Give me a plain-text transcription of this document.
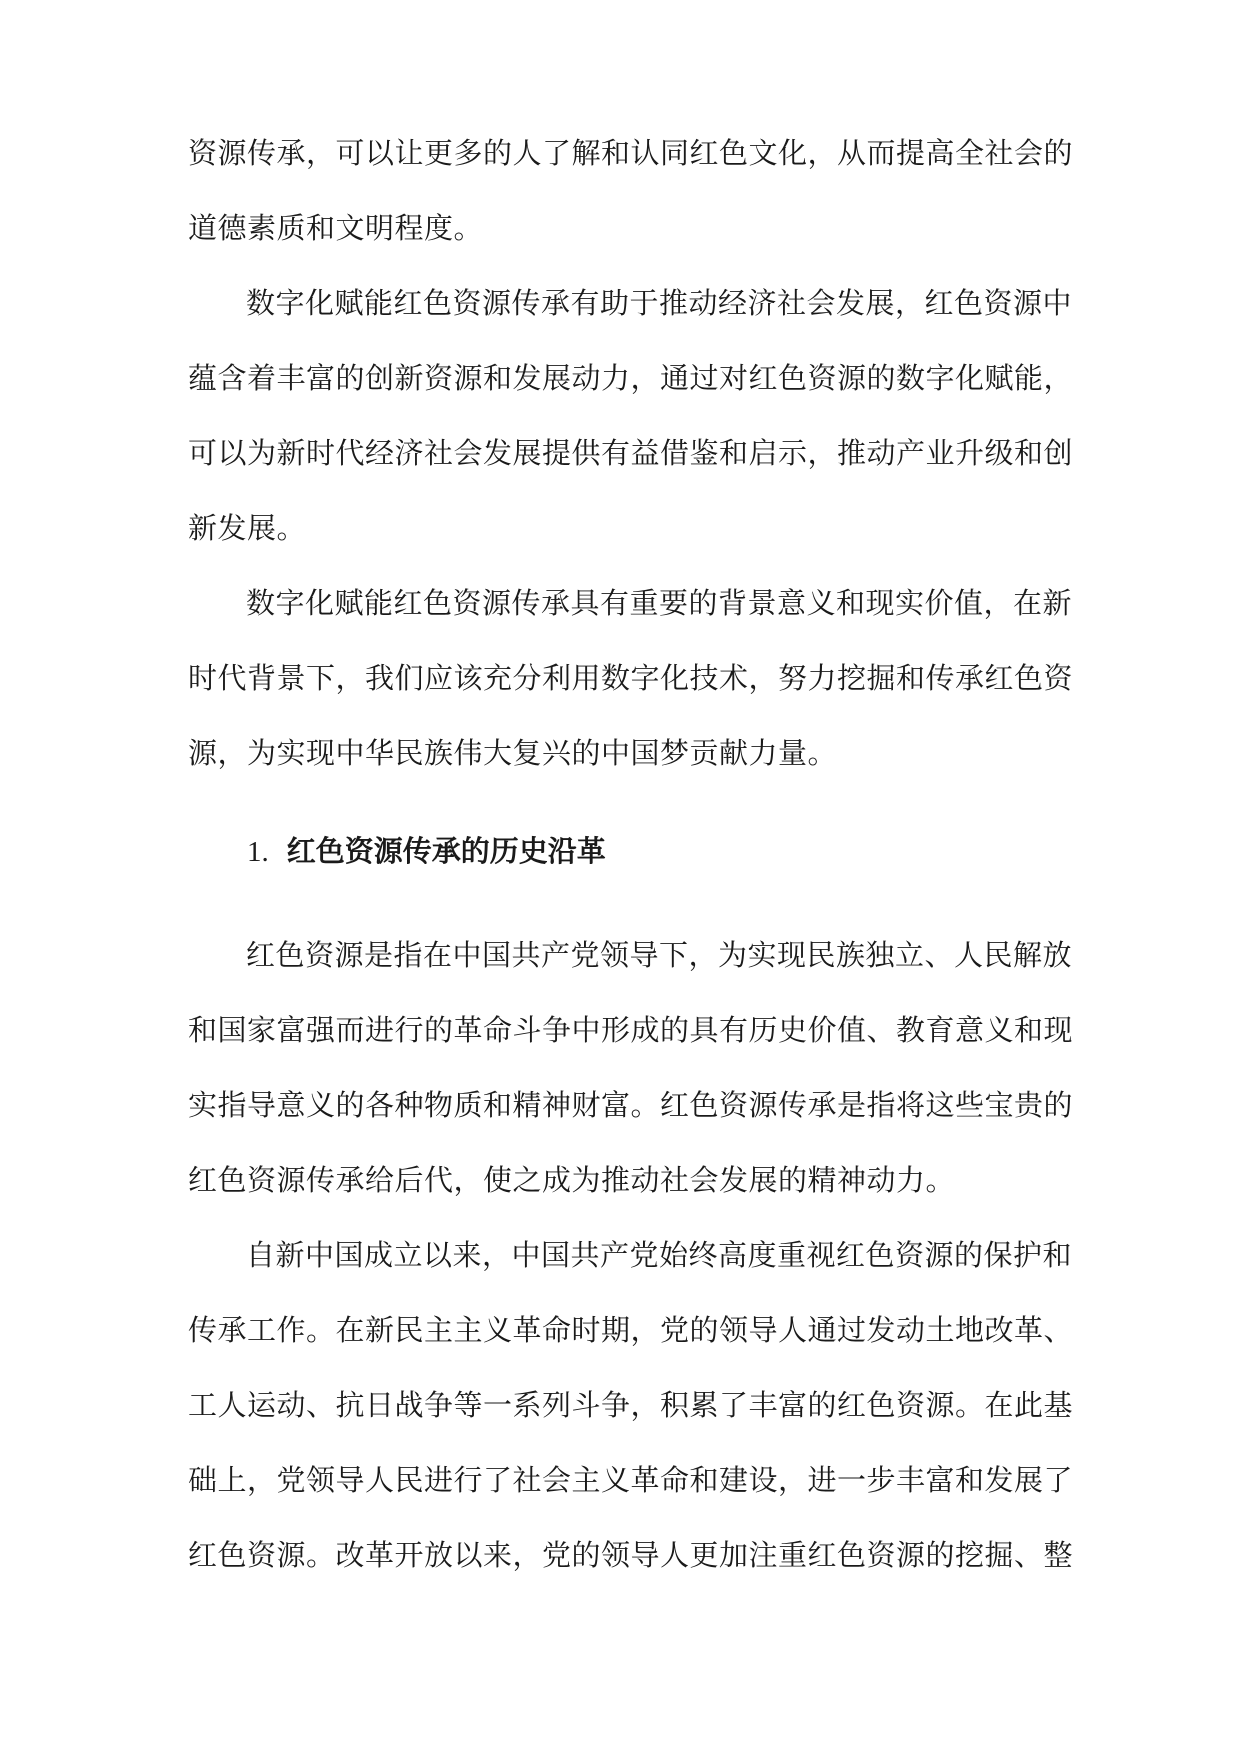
资源传承，可以让更多的人了解和认同红色文化，从而提高全社会的
道德素质和文明程度。
数字化赋能红色资源传承有助于推动经济社会发展，红色资源中
蕴含着丰富的创新资源和发展动力，通过对红色资源的数字化赋能，
可以为新时代经济社会发展提供有益借鉴和启示，推动产业升级和创
新发展。
数字化赋能红色资源传承具有重要的背景意义和现实价值，在新
时代背景下，我们应该充分利用数字化技术，努力挖掘和传承红色资
源，为实现中华民族伟大复兴的中国梦贡献力量。
1. 红色资源传承的历史沿革
红色资源是指在中国共产党领导下，为实现民族独立、人民解放
和国家富强而进行的革命斗争中形成的具有历史价值、教育意义和现
实指导意义的各种物质和精神财富。红色资源传承是指将这些宝贵的
红色资源传承给后代，使之成为推动社会发展的精神动力。
自新中国成立以来，中国共产党始终高度重视红色资源的保护和
传承工作。在新民主主义革命时期，党的领导人通过发动土地改革、
工人运动、抗日战争等一系列斗争，积累了丰富的红色资源。在此基
础上，党领导人民进行了社会主义革命和建设，进一步丰富和发展了
红色资源。改革开放以来，党的领导人更加注重红色资源的挖掘、整
